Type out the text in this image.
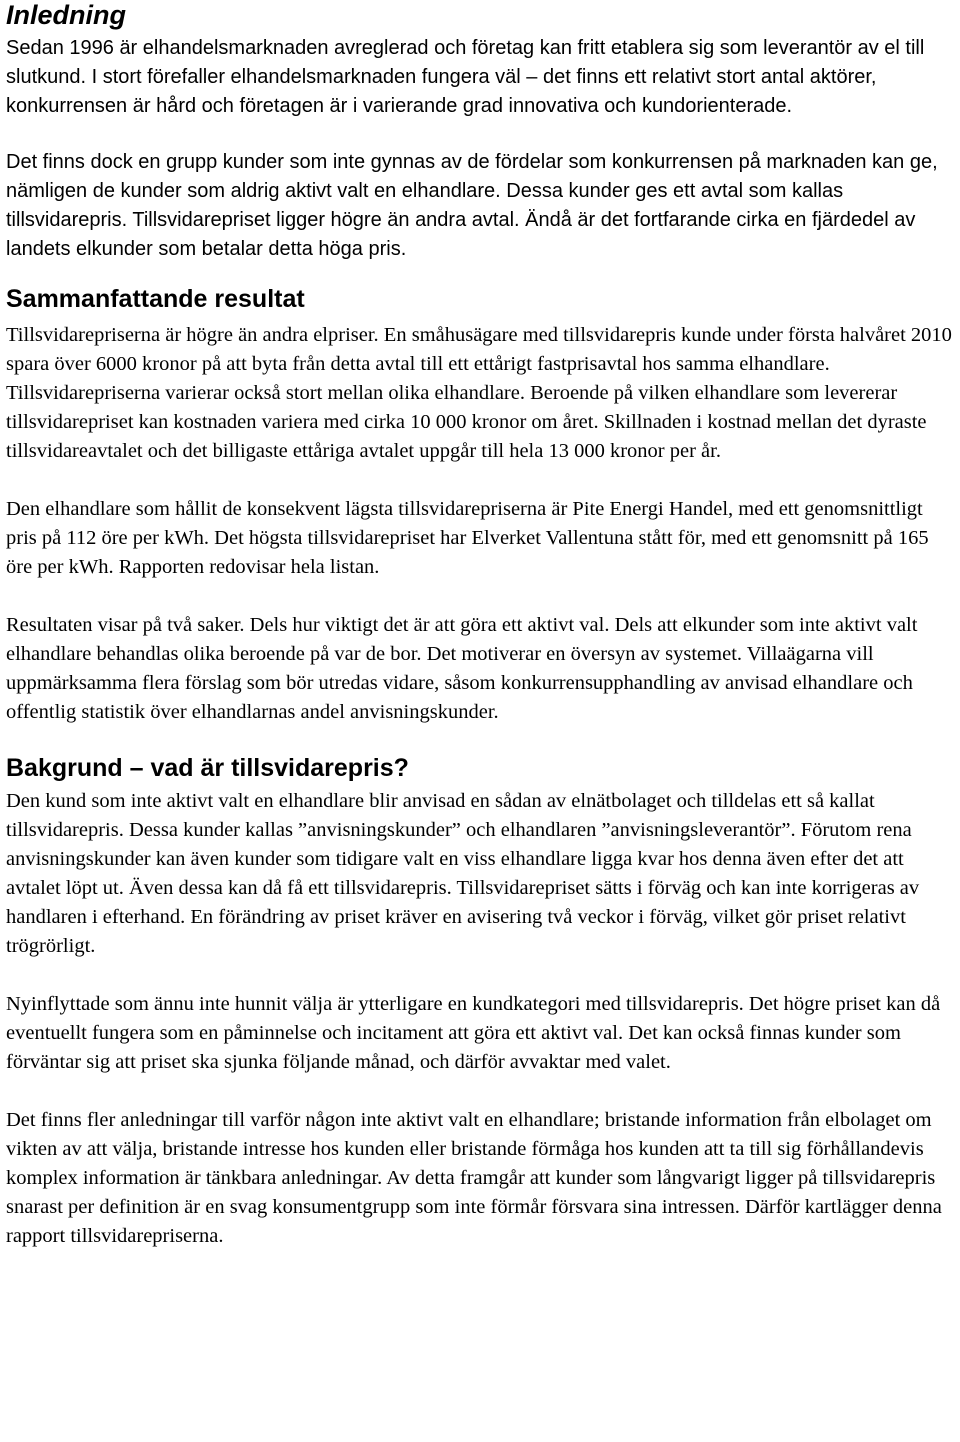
Inledning

Sedan 1996 är elhandelsmarknaden avreglerad och företag kan fritt etablera sig som leverantör av el till slutkund. I stort förefaller elhandelsmarknaden fungera väl – det finns ett relativt stort antal aktörer, konkurrensen är hård och företagen är i varierande grad innovativa och kundorienterade.

Det finns dock en grupp kunder som inte gynnas av de fördelar som konkurrensen på marknaden kan ge, nämligen de kunder som aldrig aktivt valt en elhandlare. Dessa kunder ges ett avtal som kallas tillsvidarepris. Tillsvidarepriset ligger högre än andra avtal. Ändå är det fortfarande cirka en fjärdedel av landets elkunder som betalar detta höga pris.

Sammanfattande resultat

Tillsvidarepriserna är högre än andra elpriser. En småhusägare med tillsvidarepris kunde under första halvåret 2010 spara över 6000 kronor på att byta från detta avtal till ett ettårigt fastprisavtal hos samma elhandlare. Tillsvidarepriserna varierar också stort mellan olika elhandlare. Beroende på vilken elhandlare som levererar tillsvidarepriset kan kostnaden variera med cirka 10 000 kronor om året. Skillnaden i kostnad mellan det dyraste tillsvidareavtalet och det billigaste ettåriga avtalet uppgår till hela 13 000 kronor per år.

Den elhandlare som hållit de konsekvent lägsta tillsvidarepriserna är Pite Energi Handel, med ett genomsnittligt pris på 112 öre per kWh. Det högsta tillsvidarepriset har Elverket Vallentuna stått för, med ett genomsnitt på 165 öre per kWh. Rapporten redovisar hela listan.

Resultaten visar på två saker. Dels hur viktigt det är att göra ett aktivt val. Dels att elkunder som inte aktivt valt elhandlare behandlas olika beroende på var de bor. Det motiverar en översyn av systemet. Villaägarna vill uppmärksamma flera förslag som bör utredas vidare, såsom konkurrensupphandling av anvisad elhandlare och offentlig statistik över elhandlarnas andel anvisningskunder.

Bakgrund – vad är tillsvidarepris?

Den kund som inte aktivt valt en elhandlare blir anvisad en sådan av elnätbolaget och tilldelas ett så kallat tillsvidarepris. Dessa kunder kallas ”anvisningskunder” och elhandlaren ”anvisningsleverantör”. Förutom rena anvisningskunder kan även kunder som tidigare valt en viss elhandlare ligga kvar hos denna även efter det att avtalet löpt ut. Även dessa kan då få ett tillsvidarepris. Tillsvidarepriset sätts i förväg och kan inte korrigeras av handlaren i efterhand. En förändring av priset kräver en avisering två veckor i förväg, vilket gör priset relativt trögrörligt.

Nyinflyttade som ännu inte hunnit välja är ytterligare en kundkategori med tillsvidarepris. Det högre priset kan då eventuellt fungera som en påminnelse och incitament att göra ett aktivt val. Det kan också finnas kunder som förväntar sig att priset ska sjunka följande månad, och därför avvaktar med valet.

Det finns fler anledningar till varför någon inte aktivt valt en elhandlare; bristande information från elbolaget om vikten av att välja, bristande intresse hos kunden eller bristande förmåga hos kunden att ta till sig förhållandevis komplex information är tänkbara anledningar. Av detta framgår att kunder som långvarigt ligger på tillsvidarepris snarast per definition är en svag konsumentgrupp som inte förmår försvara sina intressen. Därför kartlägger denna rapport tillsvidarepriserna.
